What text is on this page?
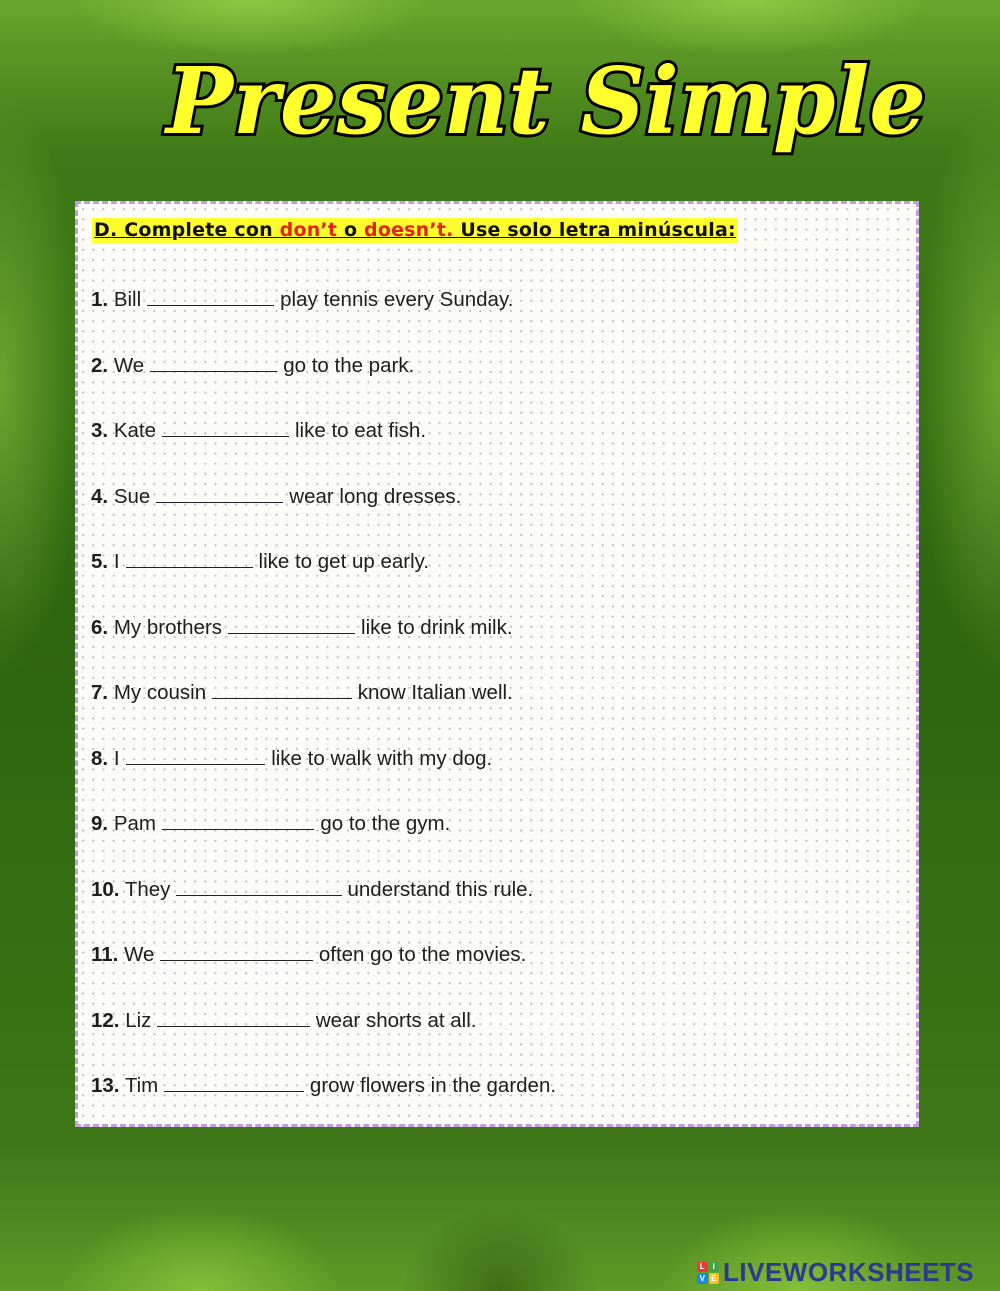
Present Simple
D. Complete con don’t o doesn’t. Use solo letra minúscula:
1. Bill	play tennis every Sunday.
2. We	go to the park.
3. Kate	like to eat fish.
4. Sue	wear long dresses.
5. I	like to get up early.
6. My brothers	like to drink milk.
7. My cousin	know Italian well.
8. I	like to walk with my dog.
9. Pam	go to the gym.
10. They	understand this rule.
11. We	often go to the movies.
12. Liz	wear shorts at all.
13. Tim	grow flowers in the garden.
L I
V E LIVEWORKSHEETS
